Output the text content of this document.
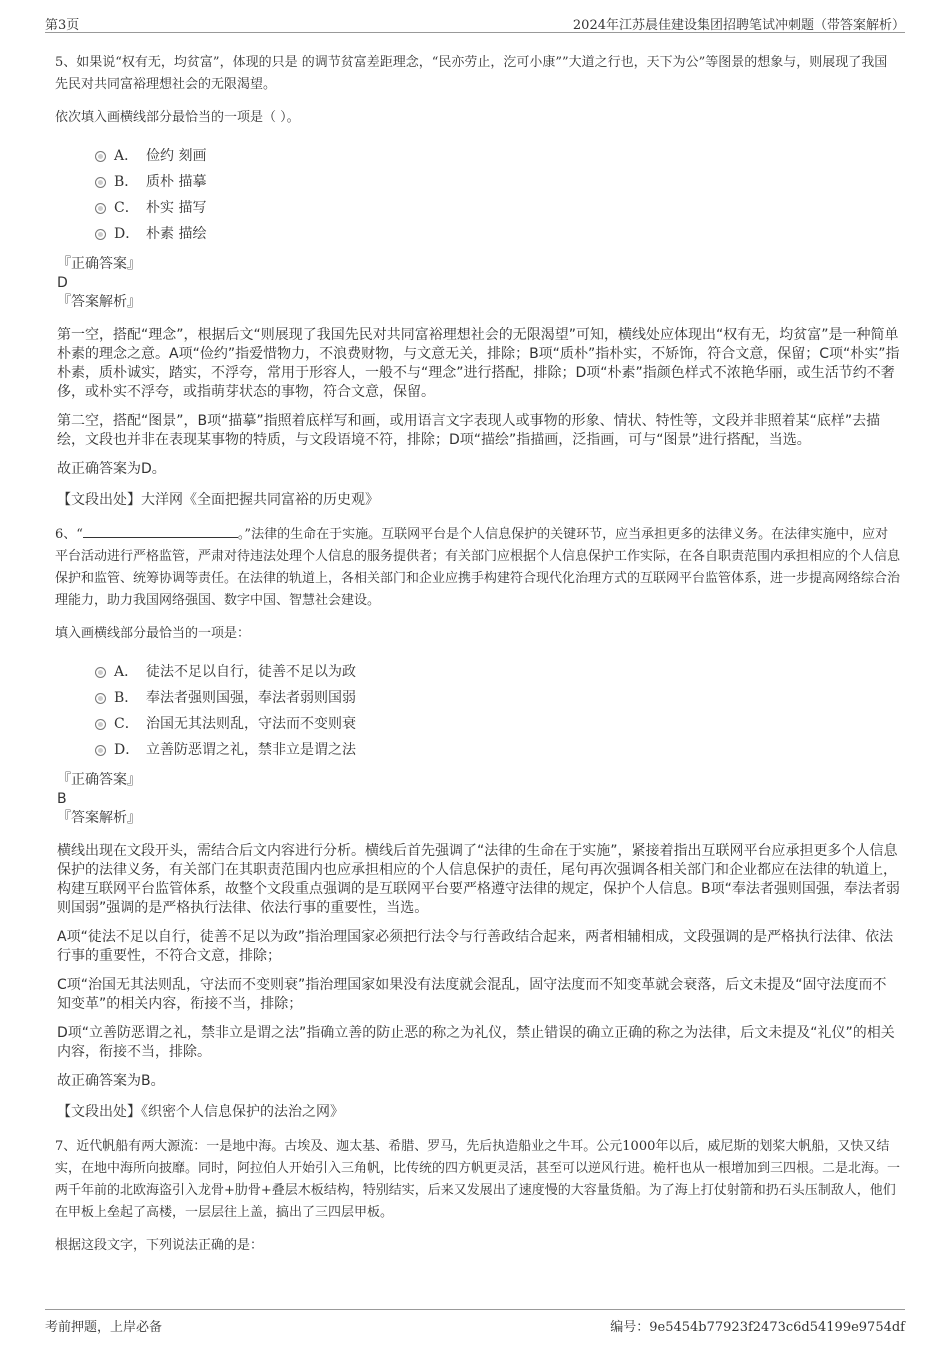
第3页	2024年江苏晨佳建设集团招聘笔试冲刺题（带答案解析）

5、如果说“权有无，均贫富”，体现的只是 的调节贫富差距理念，“民亦劳止，汔可小康””大道之行也，天下为公”等图景的想象与，则展现了我国先民对共同富裕理想社会的无限渴望。

依次填入画横线部分最恰当的一项是（ ）。

A． 俭约 刻画
B． 质朴 描摹
C． 朴实 描写
D． 朴素 描绘

『正确答案』

D

『答案解析』

第一空，搭配“理念”，根据后文“则展现了我国先民对共同富裕理想社会的无限渴望”可知，横线处应体现出“权有无，均贫富”是一种简单朴素的理念之意。A项“俭约”指爱惜物力，不浪费财物，与文意无关，排除；B项“质朴”指朴实，不矫饰，符合文意，保留；C项“朴实”指朴素，质朴诚实，踏实，不浮夸，常用于形容人，一般不与“理念”进行搭配，排除；D项“朴素”指颜色样式不浓艳华丽，或生活节约不奢侈，或朴实不浮夸，或指萌芽状态的事物，符合文意，保留。

第二空，搭配“图景”，B项“描摹”指照着底样写和画，或用语言文字表现人或事物的形象、情状、特性等，文段并非照着某“底样”去描绘，文段也并非在表现某事物的特质，与文段语境不符，排除；D项“描绘”指描画，泛指画，可与“图景”进行搭配，当选。

故正确答案为D。

【文段出处】大洋网《全面把握共同富裕的历史观》

6、“	。”法律的生命在于实施。互联网平台是个人信息保护的关键环节，应当承担更多的法律义务。在法律实施中，应对平台活动进行严格监管，严肃对待违法处理个人信息的服务提供者；有关部门应根据个人信息保护工作实际，在各自职责范围内承担相应的个人信息保护和监管、统筹协调等责任。在法律的轨道上，各相关部门和企业应携手构建符合现代化治理方式的互联网平台监管体系，进一步提高网络综合治理能力，助力我国网络强国、数字中国、智慧社会建设。

填入画横线部分最恰当的一项是：

A． 徒法不足以自行，徒善不足以为政
B． 奉法者强则国强，奉法者弱则国弱
C． 治国无其法则乱，守法而不变则衰
D． 立善防恶谓之礼，禁非立是谓之法

『正确答案』

B

『答案解析』

横线出现在文段开头，需结合后文内容进行分析。横线后首先强调了“法律的生命在于实施”，紧接着指出互联网平台应承担更多个人信息保护的法律义务，有关部门在其职责范围内也应承担相应的个人信息保护的责任，尾句再次强调各相关部门和企业都应在法律的轨道上，构建互联网平台监管体系，故整个文段重点强调的是互联网平台要严格遵守法律的规定，保护个人信息。B项“奉法者强则国强，奉法者弱则国弱”强调的是严格执行法律、依法行事的重要性，当选。

A项“徒法不足以自行，徒善不足以为政”指治理国家必须把行法令与行善政结合起来，两者相辅相成，文段强调的是严格执行法律、依法行事的重要性，不符合文意，排除；

C项“治国无其法则乱，守法而不变则衰”指治理国家如果没有法度就会混乱，固守法度而不知变革就会衰落，后文未提及“固守法度而不知变革”的相关内容，衔接不当，排除；

D项“立善防恶谓之礼，禁非立是谓之法”指确立善的防止恶的称之为礼仪，禁止错误的确立正确的称之为法律，后文未提及“礼仪”的相关内容，衔接不当，排除。

故正确答案为B。

【文段出处】《织密个人信息保护的法治之网》

7、近代帆船有两大源流：一是地中海。古埃及、迦太基、希腊、罗马，先后执造船业之牛耳。公元1000年以后，威尼斯的划桨大帆船，又快又结实，在地中海所向披靡。同时，阿拉伯人开始引入三角帆，比传统的四方帆更灵活，甚至可以逆风行进。桅杆也从一根增加到三四根。二是北海。一两千年前的北欧海盗引入龙骨+肋骨+叠层木板结构，特别结实，后来又发展出了速度慢的大容量货船。为了海上打仗射箭和扔石头压制敌人，他们在甲板上垒起了高楼，一层层往上盖，搞出了三四层甲板。

根据这段文字，下列说法正确的是：

考前押题，上岸必备	编号：9e5454b77923f2473c6d54199e9754df
